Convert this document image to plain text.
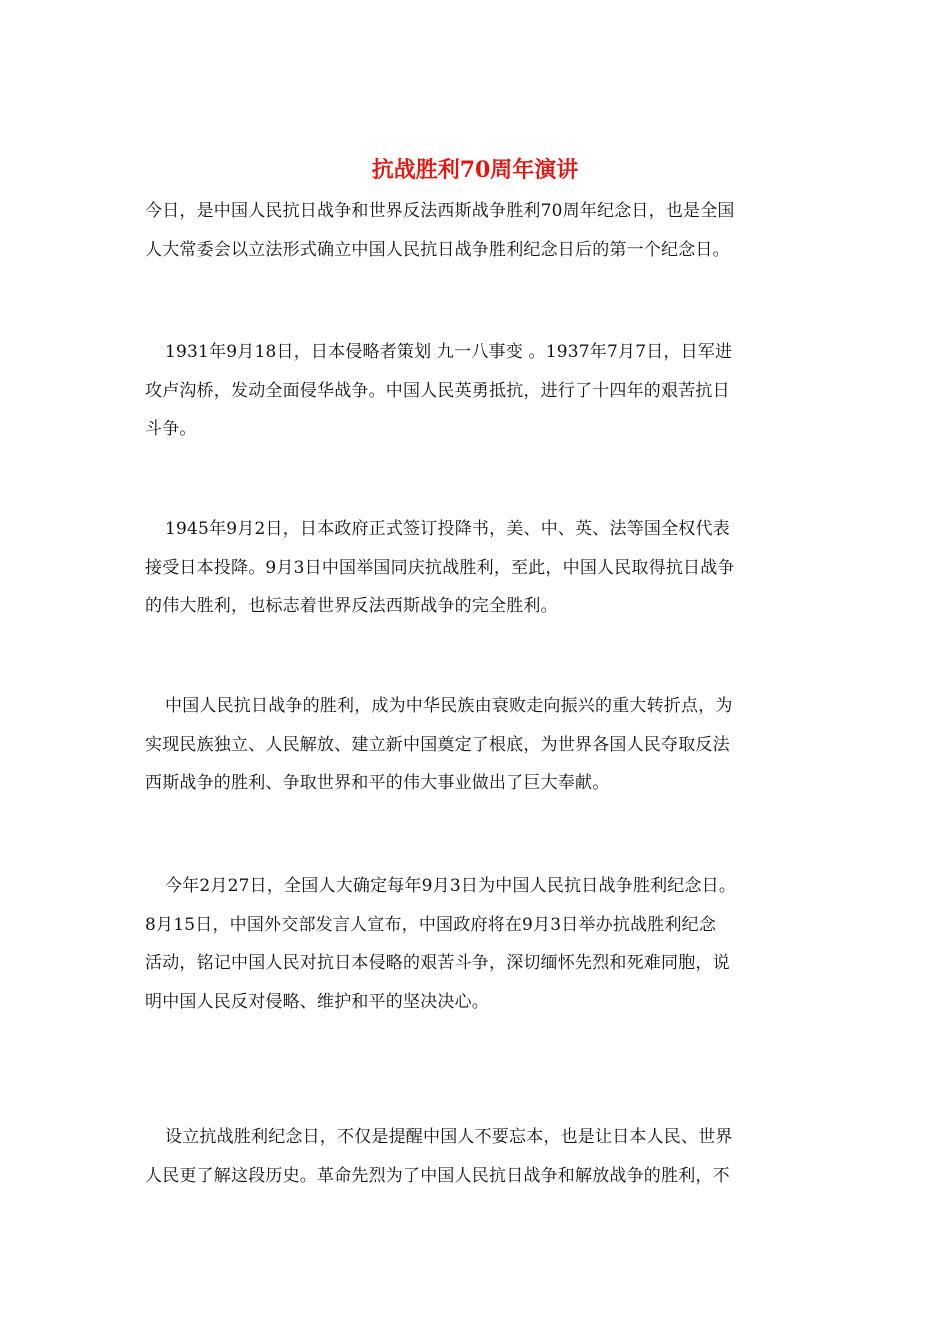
抗战胜利70周年演讲

今日，是中国人民抗日战争和世界反法西斯战争胜利70周年纪念日，也是全国
人大常委会以立法形式确立中国人民抗日战争胜利纪念日后的第一个纪念日。

1931年9月18日，日本侵略者策划 九一八事变 。1937年7月7日，日军进
攻卢沟桥，发动全面侵华战争。中国人民英勇抵抗，进行了十四年的艰苦抗日
斗争。

1945年9月2日，日本政府正式签订投降书，美、中、英、法等国全权代表
接受日本投降。9月3日中国举国同庆抗战胜利，至此，中国人民取得抗日战争
的伟大胜利，也标志着世界反法西斯战争的完全胜利。

中国人民抗日战争的胜利，成为中华民族由衰败走向振兴的重大转折点，为
实现民族独立、人民解放、建立新中国奠定了根底，为世界各国人民夺取反法
西斯战争的胜利、争取世界和平的伟大事业做出了巨大奉献。

今年2月27日，全国人大确定每年9月3日为中国人民抗日战争胜利纪念日。
8月15日，中国外交部发言人宣布，中国政府将在9月3日举办抗战胜利纪念
活动，铭记中国人民对抗日本侵略的艰苦斗争，深切缅怀先烈和死难同胞，说
明中国人民反对侵略、维护和平的坚决决心。

设立抗战胜利纪念日，不仅是提醒中国人不要忘本，也是让日本人民、世界
人民更了解这段历史。革命先烈为了中国人民抗日战争和解放战争的胜利，不
